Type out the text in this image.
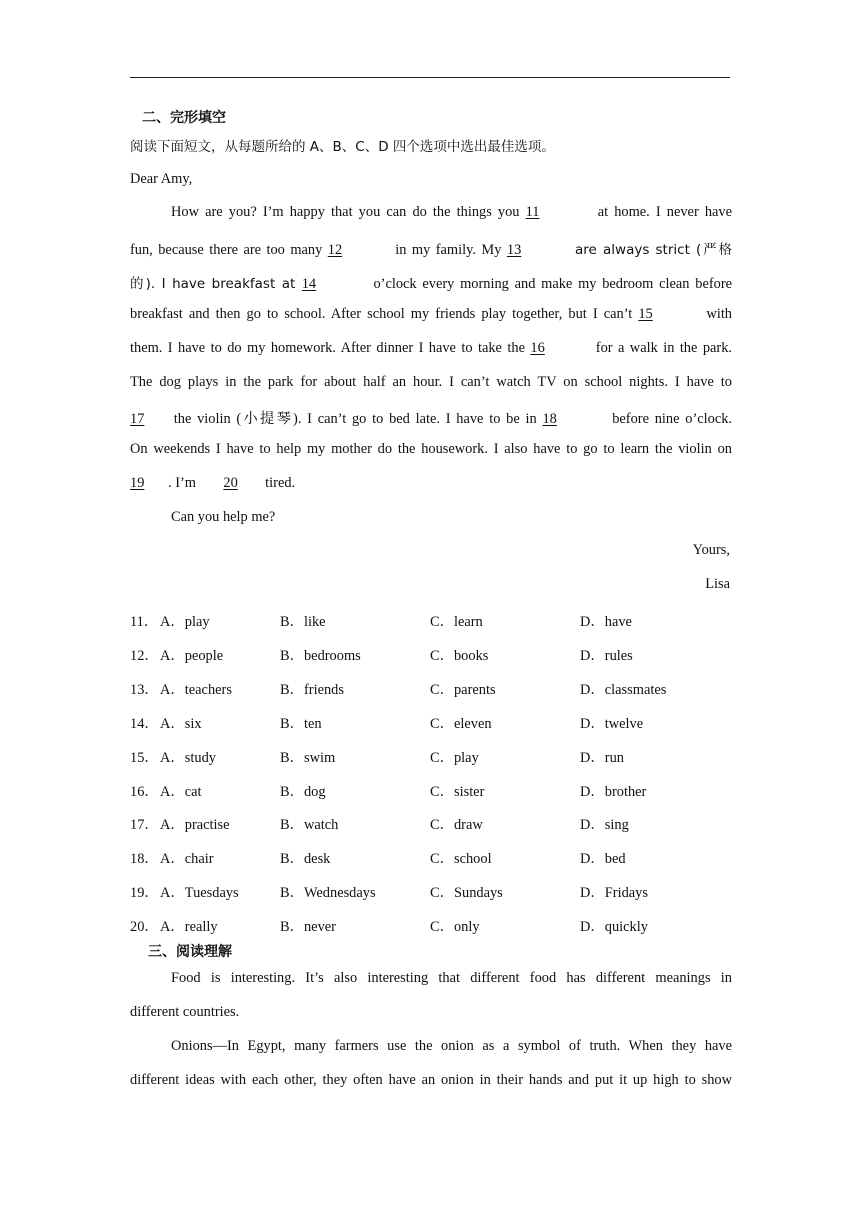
二、完形填空
阅读下面短文，从每题所给的 A、B、C、D 四个选项中选出最佳选项。
Dear Amy,
How are you? I’m happy that you can do the things you 11	at home. I never have
fun, because there are too many 12	in my family. My 13	are always strict (严格
的). I have breakfast at 14	o’clock every morning and make my bedroom clean before
breakfast and then go to school. After school my friends play together, but I can’t 15	with
them. I have to do my homework. After dinner I have to take the 16	for a walk in the park.
The dog plays in the park for about half an hour. I can’t watch TV on school nights. I have to
17 the violin (小提琴). I can’t go to bed late. I have to be in 18	before nine o’clock.
On weekends I have to help my mother do the housework. I also have to go to learn the violin on
19 . I’m 20 tired.
Can you help me?
Yours,
Lisa
11． A．play	B．like	C．learn	D．have
12． A．people	B．bedrooms	C．books	D．rules
13． A．teachers	B．friends	C．parents	D．classmates
14． A．six	B．ten	C．eleven	D．twelve
15． A．study	B．swim	C．play	D．run
16． A．cat	B．dog	C．sister	D．brother
17． A．practise	B．watch	C．draw	D．sing
18． A．chair	B．desk	C．school	D．bed
19． A．Tuesdays	B．Wednesdays	C．Sundays	D．Fridays
20． A．really	B．never	C．only	D．quickly
三、阅读理解
Food is interesting. It’s also interesting that different food has different meanings in
different countries.
Onions—In Egypt, many farmers use the onion as a symbol of truth. When they have
different ideas with each other, they often have an onion in their hands and put it up high to show
